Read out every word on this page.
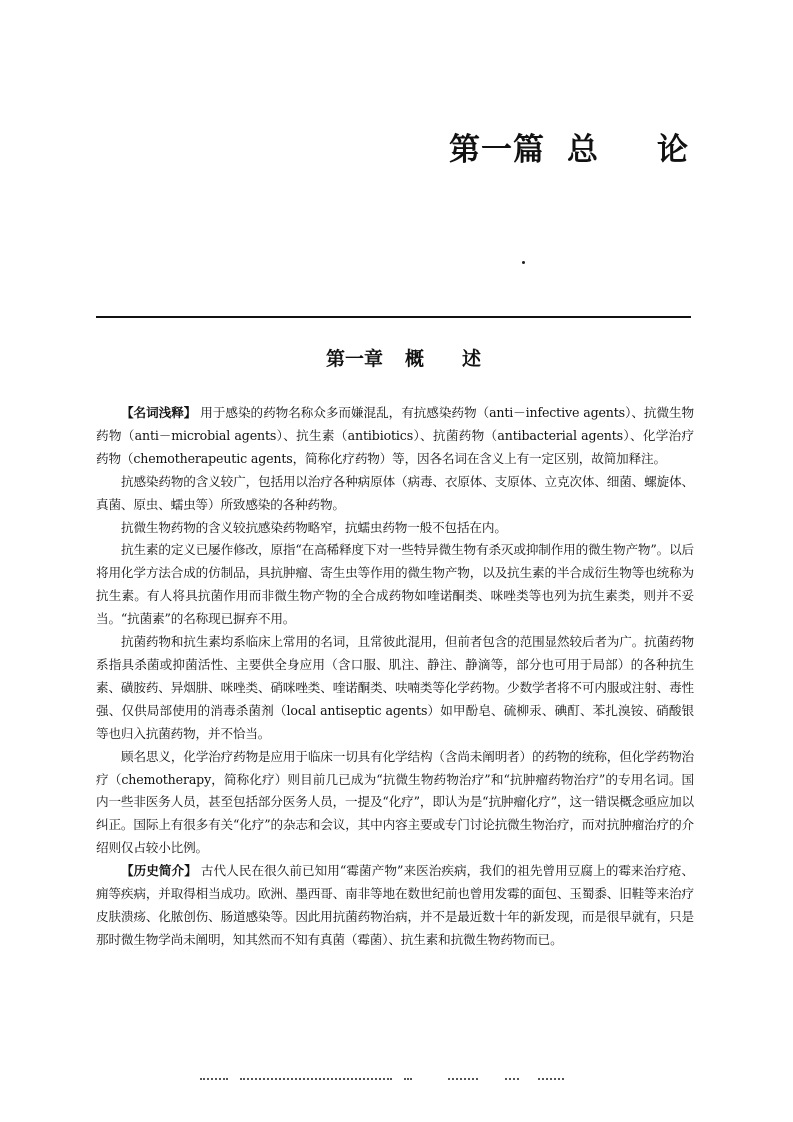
第一篇 总 论
第一章 概 述

【名词浅释】 用于感染的药物名称众多而嫌混乱，有抗感染药物（anti－infective agents）、抗微生物药物（anti－microbial agents）、抗生素（antibiotics）、抗菌药物（antibacterial agents）、化学治疗药物（chemotherapeutic agents，简称化疗药物）等，因各名词在含义上有一定区别，故简加释注。

抗感染药物的含义较广，包括用以治疗各种病原体（病毒、衣原体、支原体、立克次体、细菌、螺旋体、真菌、原虫、蠕虫等）所致感染的各种药物。

抗微生物药物的含义较抗感染药物略窄，抗蠕虫药物一般不包括在内。

抗生素的定义已屡作修改，原指“在高稀释度下对一些特异微生物有杀灭或抑制作用的微生物产物”。以后将用化学方法合成的仿制品，具抗肿瘤、寄生虫等作用的微生物产物，以及抗生素的半合成衍生物等也统称为抗生素。有人将具抗菌作用而非微生物产物的全合成药物如喹诺酮类、咪唑类等也列为抗生素类，则并不妥当。“抗菌素”的名称现已摒弃不用。

抗菌药物和抗生素均系临床上常用的名词，且常彼此混用，但前者包含的范围显然较后者为广。抗菌药物系指具杀菌或抑菌活性、主要供全身应用（含口服、肌注、静注、静滴等，部分也可用于局部）的各种抗生素、磺胺药、异烟肼、咪唑类、硝咪唑类、喹诺酮类、呋喃类等化学药物。少数学者将不可内服或注射、毒性强、仅供局部使用的消毒杀菌剂（local antiseptic agents）如甲酚皂、硫柳汞、碘酊、苯扎溴铵、硝酸银等也归入抗菌药物，并不恰当。

顾名思义，化学治疗药物是应用于临床一切具有化学结构（含尚未阐明者）的药物的统称，但化学药物治疗（chemotherapy，简称化疗）则目前几已成为“抗微生物药物治疗”和“抗肿瘤药物治疗”的专用名词。国内一些非医务人员，甚至包括部分医务人员，一提及“化疗”，即认为是“抗肿瘤化疗”，这一错误概念亟应加以纠正。国际上有很多有关“化疗”的杂志和会议，其中内容主要或专门讨论抗微生物治疗，而对抗肿瘤治疗的介绍则仅占较小比例。

【历史简介】 古代人民在很久前已知用“霉菌产物”来医治疾病，我们的祖先曾用豆腐上的霉来治疗疮、痈等疾病，并取得相当成功。欧洲、墨西哥、南非等地在数世纪前也曾用发霉的面包、玉蜀黍、旧鞋等来治疗皮肤溃疡、化脓创伤、肠道感染等。因此用抗菌药物治病，并不是最近数十年的新发现，而是很早就有，只是那时微生物学尚未阐明，知其然而不知有真菌（霉菌）、抗生素和抗微生物药物而已。
